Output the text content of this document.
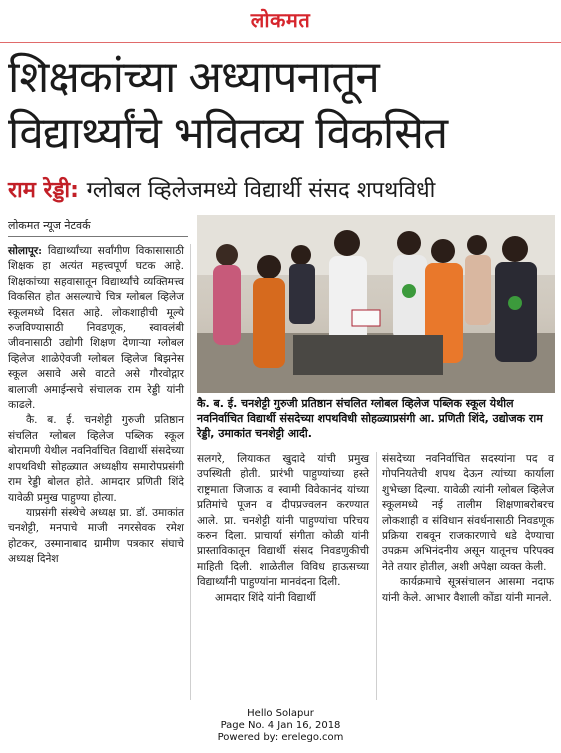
लोकमत
शिक्षकांच्या अध्यापनातून
विद्यार्थ्यांचे भवितव्य विकसित
राम रेड्डी: ग्लोबल व्हिलेजमध्ये विद्यार्थी संसद शपथविधी
लोकमत न्यूज नेटवर्क
कै. ब. ई. चनशेट्टी गुरुजी प्रतिष्ठान संचलित ग्लोबल व्हिलेज पब्लिक स्कूल येथील नवनिर्वाचित विद्यार्थी संसदेच्या शपथविधी सोहळ्याप्रसंगी आ. प्रणिती शिंदे, उद्योजक राम रेड्डी, उमाकांत चनशेट्टी आदी.

सोलापूर: विद्यार्थ्यांच्या सर्वांगीण विकासासाठी शिक्षक हा अत्यंत महत्त्वपूर्ण घटक आहे. शिक्षकांच्या सहवासातून विद्यार्थ्यांचे व्यक्तिमत्त्व विकसित होत असल्याचे चित्र ग्लोबल व्हिलेज स्कूलमध्ये दिसत आहे. लोकशाहीची मूल्ये रुजविण्यासाठी निवडणूक, स्वावलंबी जीवनासाठी उद्योगी शिक्षण देणाऱ्या ग्लोबल व्हिलेज शाळेऐवजी ग्लोबल व्हिलेज बिझनेस स्कूल असावे असे वाटते असे गौरवोद्गार बालाजी अमाईन्सचे संचालक राम रेड्डी यांनी काढले.

कै. ब. ई. चनशेट्टी गुरुजी प्रतिष्ठान संचलित ग्लोबल व्हिलेज पब्लिक स्कूल बोरामणी येथील नवनिर्वाचित विद्यार्थी संसदेच्या शपथविधी सोहळ्यात अध्यक्षीय समारोपप्रसंगी राम रेड्डी बोलत होते. आमदार प्रणिती शिंदे यावेळी प्रमुख पाहुण्या होत्या.

याप्रसंगी संस्थेचे अध्यक्ष प्रा. डॉ. उमाकांत चनशेट्टी, मनपाचे माजी नगरसेवक रमेश होटकर, उस्मानाबाद ग्रामीण पत्रकार संघाचे अध्यक्ष दिनेश

सलगरे, लियाकत खुदादे यांची प्रमुख उपस्थिती होती. प्रारंभी पाहुण्यांच्या हस्ते राष्ट्रमाता जिजाऊ व स्वामी विवेकानंद यांच्या प्रतिमांचे पूजन व दीपप्रज्वलन करण्यात आले. प्रा. चनशेट्टी यांनी पाहुण्यांचा परिचय करुन दिला. प्राचार्या संगीता कोळी यांनी प्रास्ताविकातून विद्यार्थी संसद निवडणुकीची माहिती दिली. शाळेतील विविध हाऊसच्या विद्यार्थ्यांनी पाहुण्यांना मानवंदना दिली.

आमदार शिंदे यांनी विद्यार्थी

संसदेच्या नवनिर्वाचित सदस्यांना पद व गोपनियतेची शपथ देऊन त्यांच्या कार्याला शुभेच्छा दिल्या. यावेळी त्यांनी ग्लोबल व्हिलेज स्कूलमध्ये नई तालीम शिक्षणाबरोबरच लोकशाही व संविधान संवर्धनासाठी निवडणूक प्रक्रिया राबवून राजकारणाचे धडे देण्याचा उपक्रम अभिनंदनीय असून यातूनच परिपक्व नेते तयार होतील, अशी अपेक्षा व्यक्त केली.

कार्यक्रमाचे सूत्रसंचालन आसमा नदाफ यांनी केले. आभार वैशाली कोंडा यांनी मानले.

Hello Solapur
Page No. 4 Jan 16, 2018
Powered by: erelego.com
